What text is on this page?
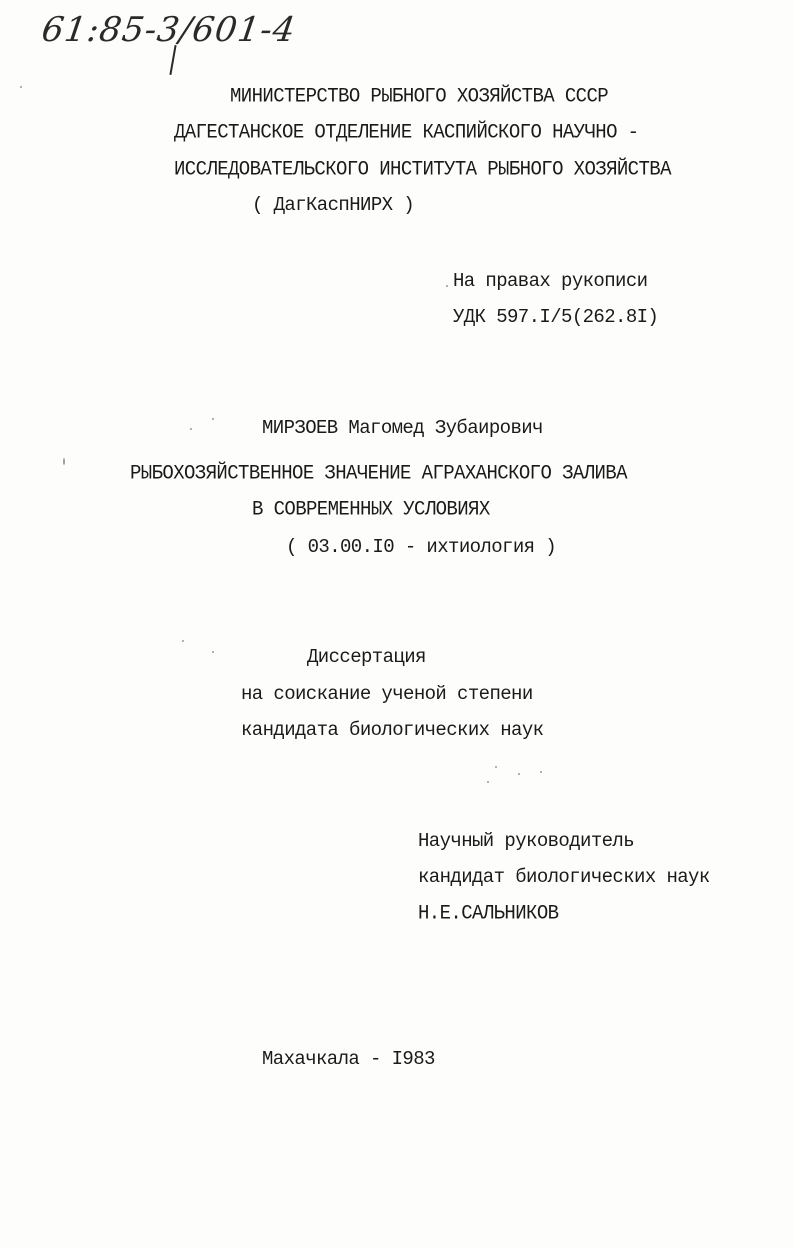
61:85-3/601-4
МИНИСТЕРСТВО РЫБНОГО ХОЗЯЙСТВА СССР
ДАГЕСТАНСКОЕ ОТДЕЛЕНИЕ КАСПИЙСКОГО НАУЧНО -
ИССЛЕДОВАТЕЛЬСКОГО ИНСТИТУТА РЫБНОГО ХОЗЯЙСТВА
( ДагКаспНИРХ )
На правах рукописи
УДК 597.I/5(262.8I)
МИРЗОЕВ Магомед Зубаирович
РЫБОХОЗЯЙСТВЕННОЕ ЗНАЧЕНИЕ АГРАХАНСКОГО ЗАЛИВА
В СОВРЕМЕННЫХ УСЛОВИЯХ
( 03.00.I0 - ихтиология )
Диссертация
на соискание ученой степени
кандидата биологических наук
Научный руководитель
кандидат биологических наук
Н.Е.САЛЬНИКОВ
Махачкала - I983
